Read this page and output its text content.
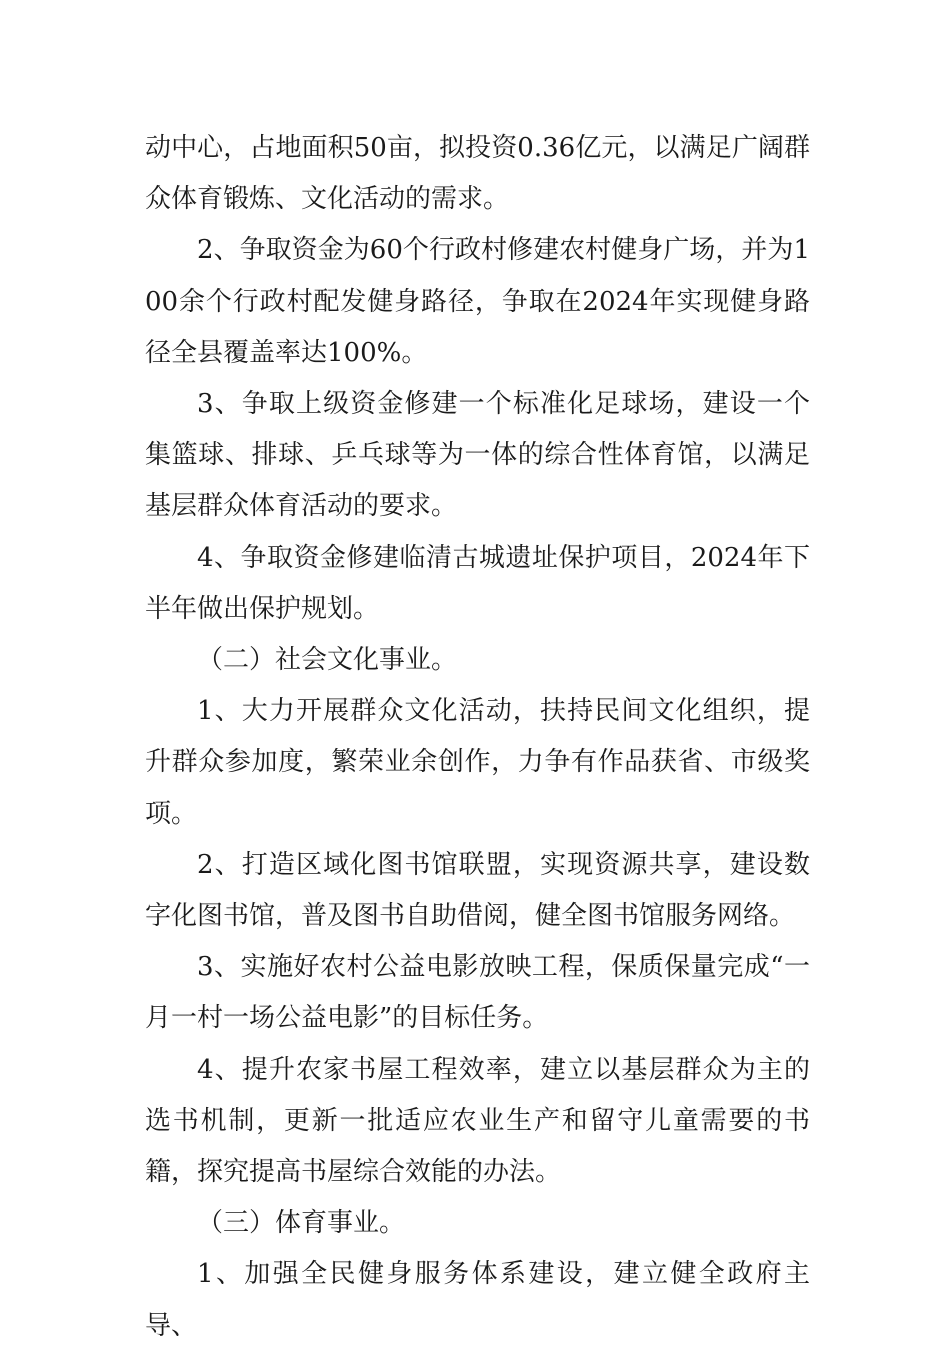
动中心，占地面积50亩，拟投资0.36亿元，以满足广阔群众体育锻炼、文化活动的需求。

2、争取资金为60个行政村修建农村健身广场，并为100余个行政村配发健身路径，争取在2024年实现健身路径全县覆盖率达100%。

3、争取上级资金修建一个标准化足球场，建设一个集篮球、排球、乒乓球等为一体的综合性体育馆，以满足基层群众体育活动的要求。

4、争取资金修建临清古城遗址保护项目，2024年下半年做出保护规划。

（二）社会文化事业。

1、大力开展群众文化活动，扶持民间文化组织，提升群众参加度，繁荣业余创作，力争有作品获省、市级奖项。

2、打造区域化图书馆联盟，实现资源共享，建设数字化图书馆，普及图书自助借阅，健全图书馆服务网络。

3、实施好农村公益电影放映工程，保质保量完成“一月一村一场公益电影”的目标任务。

4、提升农家书屋工程效率，建立以基层群众为主的选书机制，更新一批适应农业生产和留守儿童需要的书籍，探究提高书屋综合效能的办法。

（三）体育事业。

1、加强全民健身服务体系建设，建立健全政府主导、
